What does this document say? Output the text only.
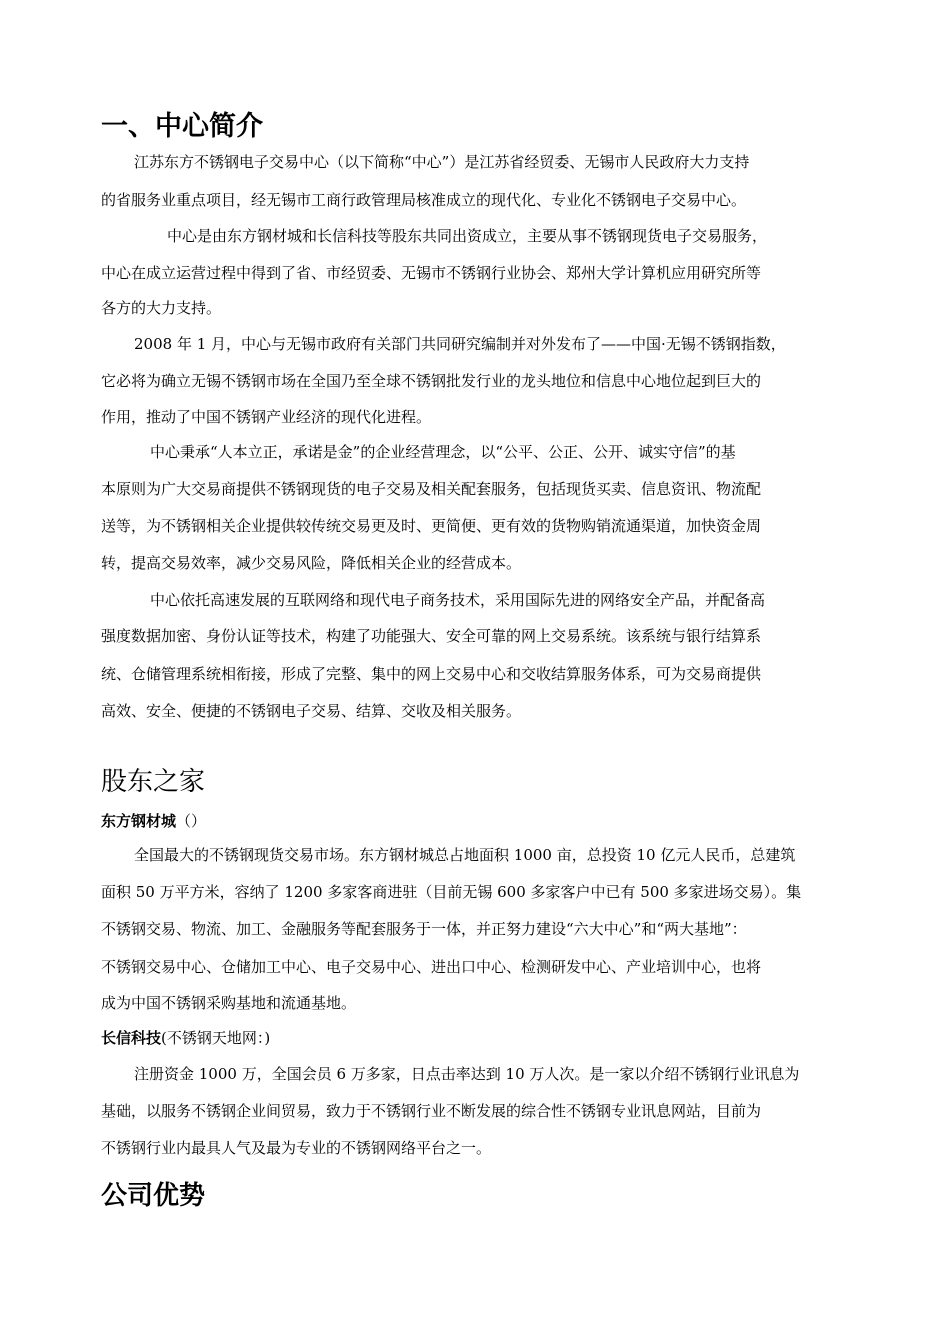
一、中心简介
江苏东方不锈钢电子交易中心（以下简称“中心”）是江苏省经贸委、无锡市人民政府大力支持
的省服务业重点项目，经无锡市工商行政管理局核准成立的现代化、专业化不锈钢电子交易中心。
中心是由东方钢材城和长信科技等股东共同出资成立，主要从事不锈钢现货电子交易服务，
中心在成立运营过程中得到了省、市经贸委、无锡市不锈钢行业协会、郑州大学计算机应用研究所等
各方的大力支持。
2008 年 1 月，中心与无锡市政府有关部门共同研究编制并对外发布了——中国·无锡不锈钢指数，
它必将为确立无锡不锈钢市场在全国乃至全球不锈钢批发行业的龙头地位和信息中心地位起到巨大的
作用，推动了中国不锈钢产业经济的现代化进程。
中心秉承“人本立正，承诺是金”的企业经营理念，以“公平、公正、公开、诚实守信”的基
本原则为广大交易商提供不锈钢现货的电子交易及相关配套服务，包括现货买卖、信息资讯、物流配
送等，为不锈钢相关企业提供较传统交易更及时、更简便、更有效的货物购销流通渠道，加快资金周
转，提高交易效率，减少交易风险，降低相关企业的经营成本。
中心依托高速发展的互联网络和现代电子商务技术，采用国际先进的网络安全产品，并配备高
强度数据加密、身份认证等技术，构建了功能强大、安全可靠的网上交易系统。该系统与银行结算系
统、仓储管理系统相衔接，形成了完整、集中的网上交易中心和交收结算服务体系，可为交易商提供
高效、安全、便捷的不锈钢电子交易、结算、交收及相关服务。
股东之家
东方钢材城（）
全国最大的不锈钢现货交易市场。东方钢材城总占地面积 1000 亩，总投资 10 亿元人民币，总建筑
面积 50 万平方米，容纳了 1200 多家客商进驻（目前无锡 600 多家客户中已有 500 多家进场交易）。集
不锈钢交易、物流、加工、金融服务等配套服务于一体，并正努力建设“六大中心”和“两大基地”：
不锈钢交易中心、仓储加工中心、电子交易中心、进出口中心、检测研发中心、产业培训中心，也将
成为中国不锈钢采购基地和流通基地。
长信科技(不锈钢天地网：)
注册资金 1000 万，全国会员 6 万多家，日点击率达到 10 万人次。是一家以介绍不锈钢行业讯息为
基础，以服务不锈钢企业间贸易，致力于不锈钢行业不断发展的综合性不锈钢专业讯息网站，目前为
不锈钢行业内最具人气及最为专业的不锈钢网络平台之一。
公司优势
